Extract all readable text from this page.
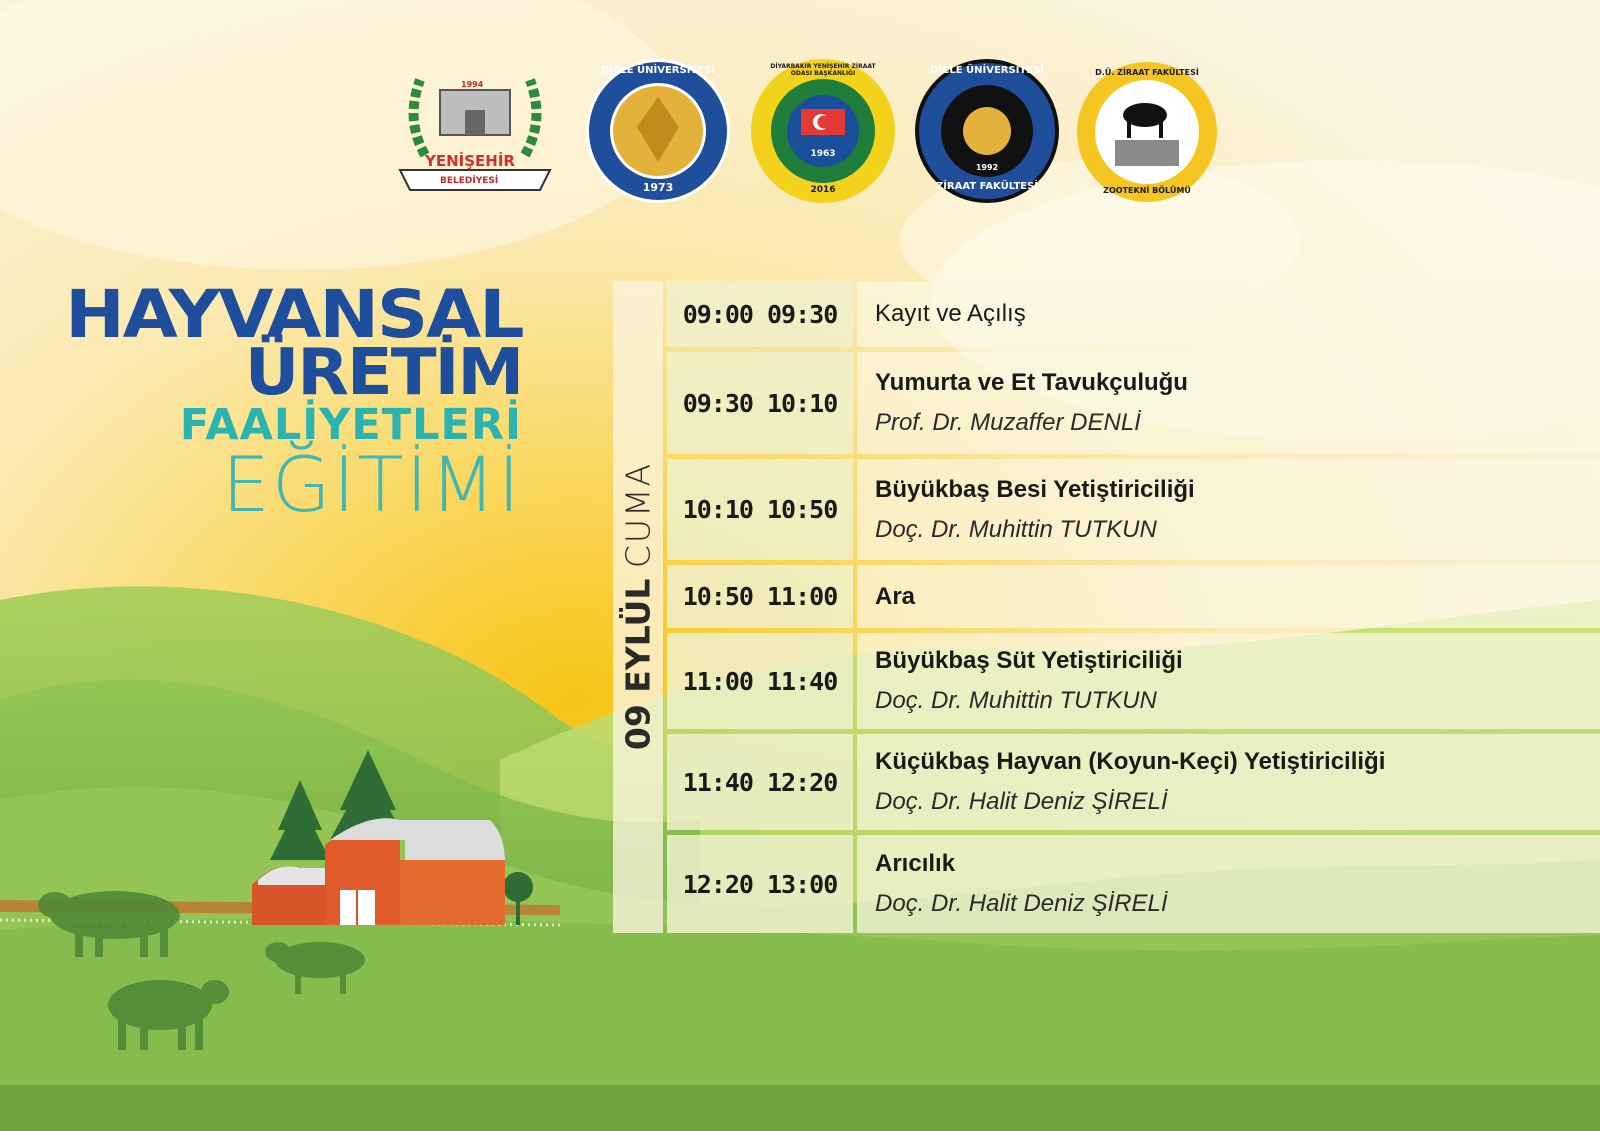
1994
YENİŞEHİR
BELEDİYESİ
DİCLE ÜNİVERSİTESİ
1973
DİYARBAKIR YENİŞEHİR ZİRAAT ODASI BAŞKANLIĞI
1963
2016
DİCLE ÜNİVERSİTESİ
1992
ZİRAAT FAKÜLTESİ
D.Ü. ZİRAAT FAKÜLTESİ
ZOOTEKNİ BÖLÜMÜ
HAYVANSAL
ÜRETİM
FAALİYETLERİ
EĞİTİMİ
09 EYLÜL CUMA
09:00 09:30	Kayıt ve Açılış
09:30 10:10
Yumurta ve Et Tavukçuluğu
Prof. Dr. Muzaffer DENLİ
10:10 10:50
Büyükbaş Besi Yetiştiriciliği
Doç. Dr. Muhittin TUTKUN
10:50 11:00	Ara
11:00 11:40
Büyükbaş Süt Yetiştiriciliği
Doç. Dr. Muhittin TUTKUN
11:40 12:20
Küçükbaş Hayvan (Koyun-Keçi) Yetiştiriciliği
Doç. Dr. Halit Deniz ŞİRELİ
12:20 13:00
Arıcılık
Doç. Dr. Halit Deniz ŞİRELİ
